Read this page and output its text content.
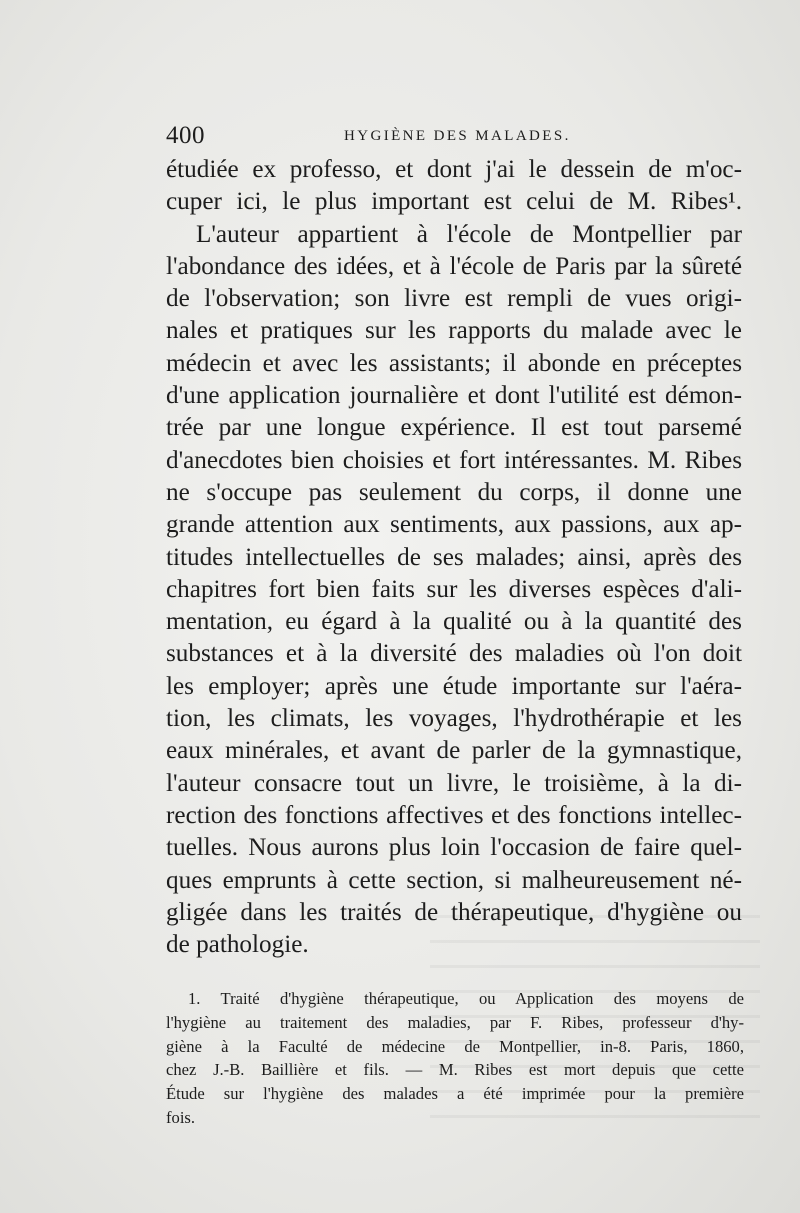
400	HYGIÈNE DES MALADES.
étudiée ex professo, et dont j'ai le dessein de m'oc-
cuper ici, le plus important est celui de M. Ribes¹.
L'auteur appartient à l'école de Montpellier par
l'abondance des idées, et à l'école de Paris par la sûreté
de l'observation; son livre est rempli de vues origi-
nales et pratiques sur les rapports du malade avec le
médecin et avec les assistants; il abonde en préceptes
d'une application journalière et dont l'utilité est démon-
trée par une longue expérience. Il est tout parsemé
d'anecdotes bien choisies et fort intéressantes. M. Ribes
ne s'occupe pas seulement du corps, il donne une
grande attention aux sentiments, aux passions, aux ap-
titudes intellectuelles de ses malades; ainsi, après des
chapitres fort bien faits sur les diverses espèces d'ali-
mentation, eu égard à la qualité ou à la quantité des
substances et à la diversité des maladies où l'on doit
les employer; après une étude importante sur l'aéra-
tion, les climats, les voyages, l'hydrothérapie et les
eaux minérales, et avant de parler de la gymnastique,
l'auteur consacre tout un livre, le troisième, à la di-
rection des fonctions affectives et des fonctions intellec-
tuelles. Nous aurons plus loin l'occasion de faire quel-
ques emprunts à cette section, si malheureusement né-
gligée dans les traités de thérapeutique, d'hygiène ou
de pathologie.
1. Traité d'hygiène thérapeutique, ou Application des moyens de
l'hygiène au traitement des maladies, par F. Ribes, professeur d'hy-
giène à la Faculté de médecine de Montpellier, in-8. Paris, 1860,
chez J.-B. Baillière et fils. — M. Ribes est mort depuis que cette
Étude sur l'hygiène des malades a été imprimée pour la première
fois.
